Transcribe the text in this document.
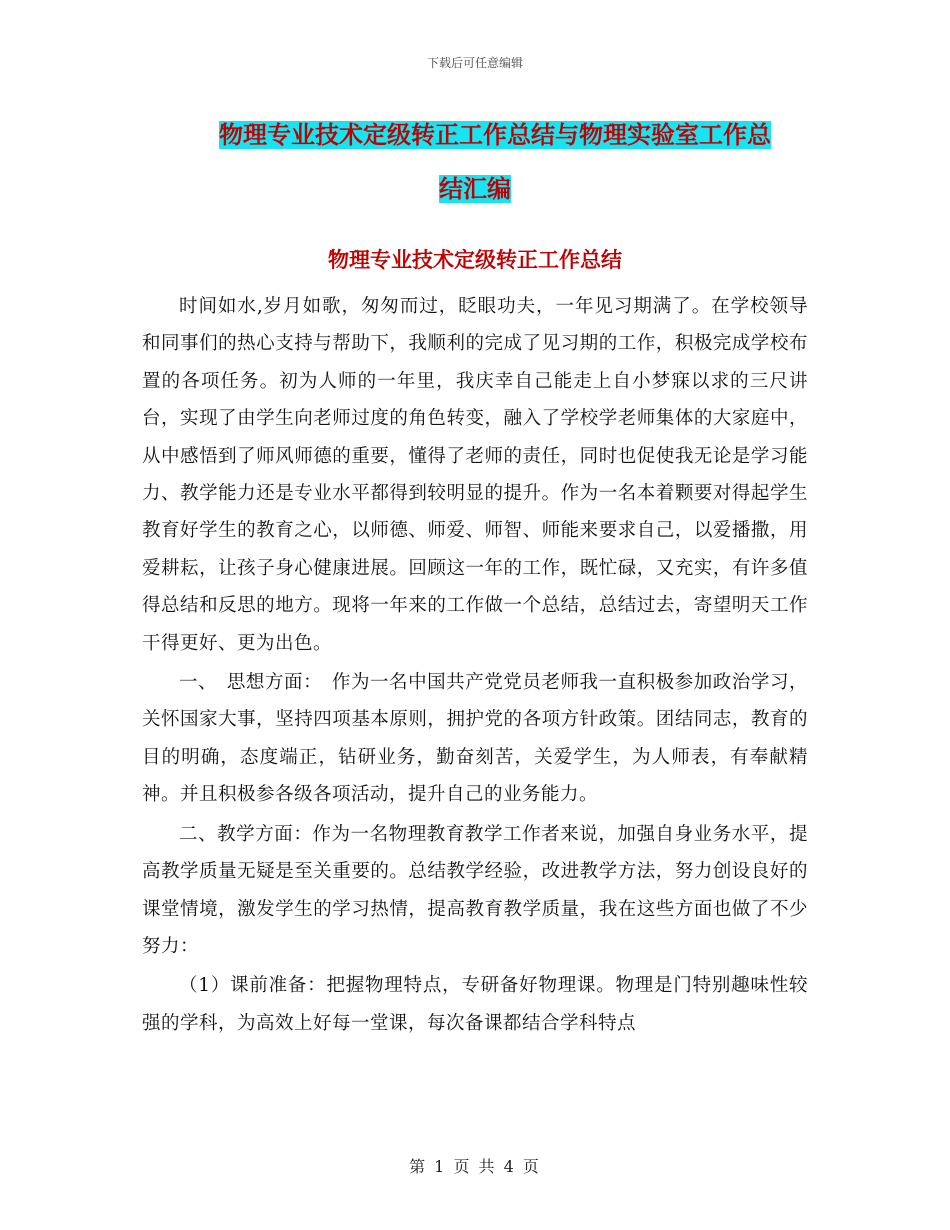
下载后可任意编辑
物理专业技术定级转正工作总结与物理实验室工作总
结汇编
物理专业技术定级转正工作总结

时间如水,岁月如歌，匆匆而过，眨眼功夫，一年见习期满了。在学校领导和同事们的热心支持与帮助下，我顺利的完成了见习期的工作，积极完成学校布置的各项任务。初为人师的一年里，我庆幸自己能走上自小梦寐以求的三尺讲台，实现了由学生向老师过度的角色转变，融入了学校学老师集体的大家庭中，从中感悟到了师风师德的重要，懂得了老师的责任，同时也促使我无论是学习能力、教学能力还是专业水平都得到较明显的提升。作为一名本着颗要对得起学生教育好学生的教育之心，以师德、师爱、师智、师能来要求自己，以爱播撒，用爱耕耘，让孩子身心健康进展。回顾这一年的工作，既忙碌，又充实，有许多值得总结和反思的地方。现将一年来的工作做一个总结，总结过去，寄望明天工作干得更好、更为出色。

一、　思想方面：　作为一名中国共产党党员老师我一直积极参加政治学习，关怀国家大事，坚持四项基本原则，拥护党的各项方针政策。团结同志，教育的目的明确，态度端正，钻研业务，勤奋刻苦，关爱学生，为人师表，有奉献精神。并且积极参各级各项活动，提升自己的业务能力。

二、教学方面：作为一名物理教育教学工作者来说，加强自身业务水平，提高教学质量无疑是至关重要的。总结教学经验，改进教学方法，努力创设良好的课堂情境，激发学生的学习热情，提高教育教学质量，我在这些方面也做了不少努力：

（1）课前准备：把握物理特点，专研备好物理课。物理是门特别趣味性较强的学科，为高效上好每一堂课，每次备课都结合学科特点

第 1 页 共 4 页
